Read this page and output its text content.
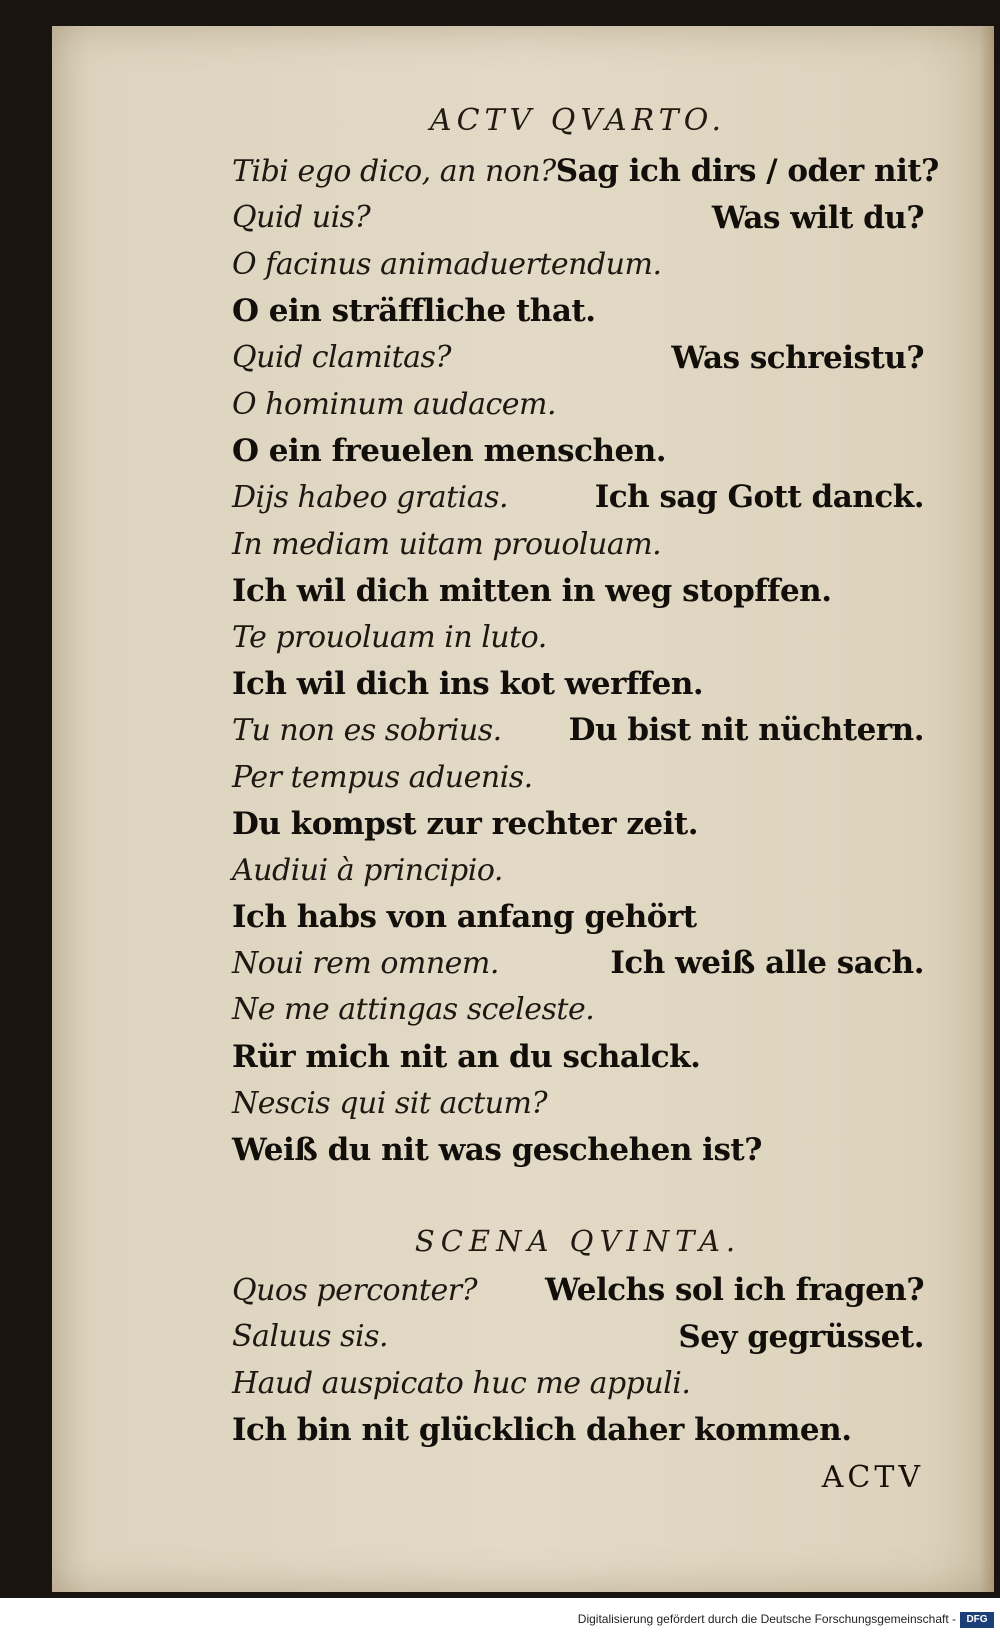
ACTV QVARTO.
Tibi ego dico, an non? Sag ich dirs / oder nit?
Quid uis?	Was wilt du?
O facinus animaduertendum.
O ein sträffliche that.
Quid clamitas?	Was schreistu?
O hominum audacem.
O ein freuelen menschen.
Dijs habeo gratias.	Ich sag Gott danck.
In mediam uitam prouoluam.
Ich wil dich mitten in weg stopffen.
Te prouoluam in luto.
Ich wil dich ins kot werffen.
Tu non es sobrius. Du bist nit nüchtern.
Per tempus aduenis.
Du kompst zur rechter zeit.
Audiui à principio.
Ich habs von anfang gehört
Noui rem omnem.	Ich weiß alle sach.
Ne me attingas scelestе.
Rür mich nit an du schalck.
Nescis qui sit actum?
Weiß du nit was geschehen ist?
SCENA QVINTA.
Quos perconter? Welchs sol ich fragen?
Saluus sis.	Sey gegrüsset.
Haud auspicato huc me appuli.
Ich bin nit glücklich daher kommen.
ACTV
Digitalisierung gefördert durch die Deutsche Forschungsgemeinschaft -	DFG
